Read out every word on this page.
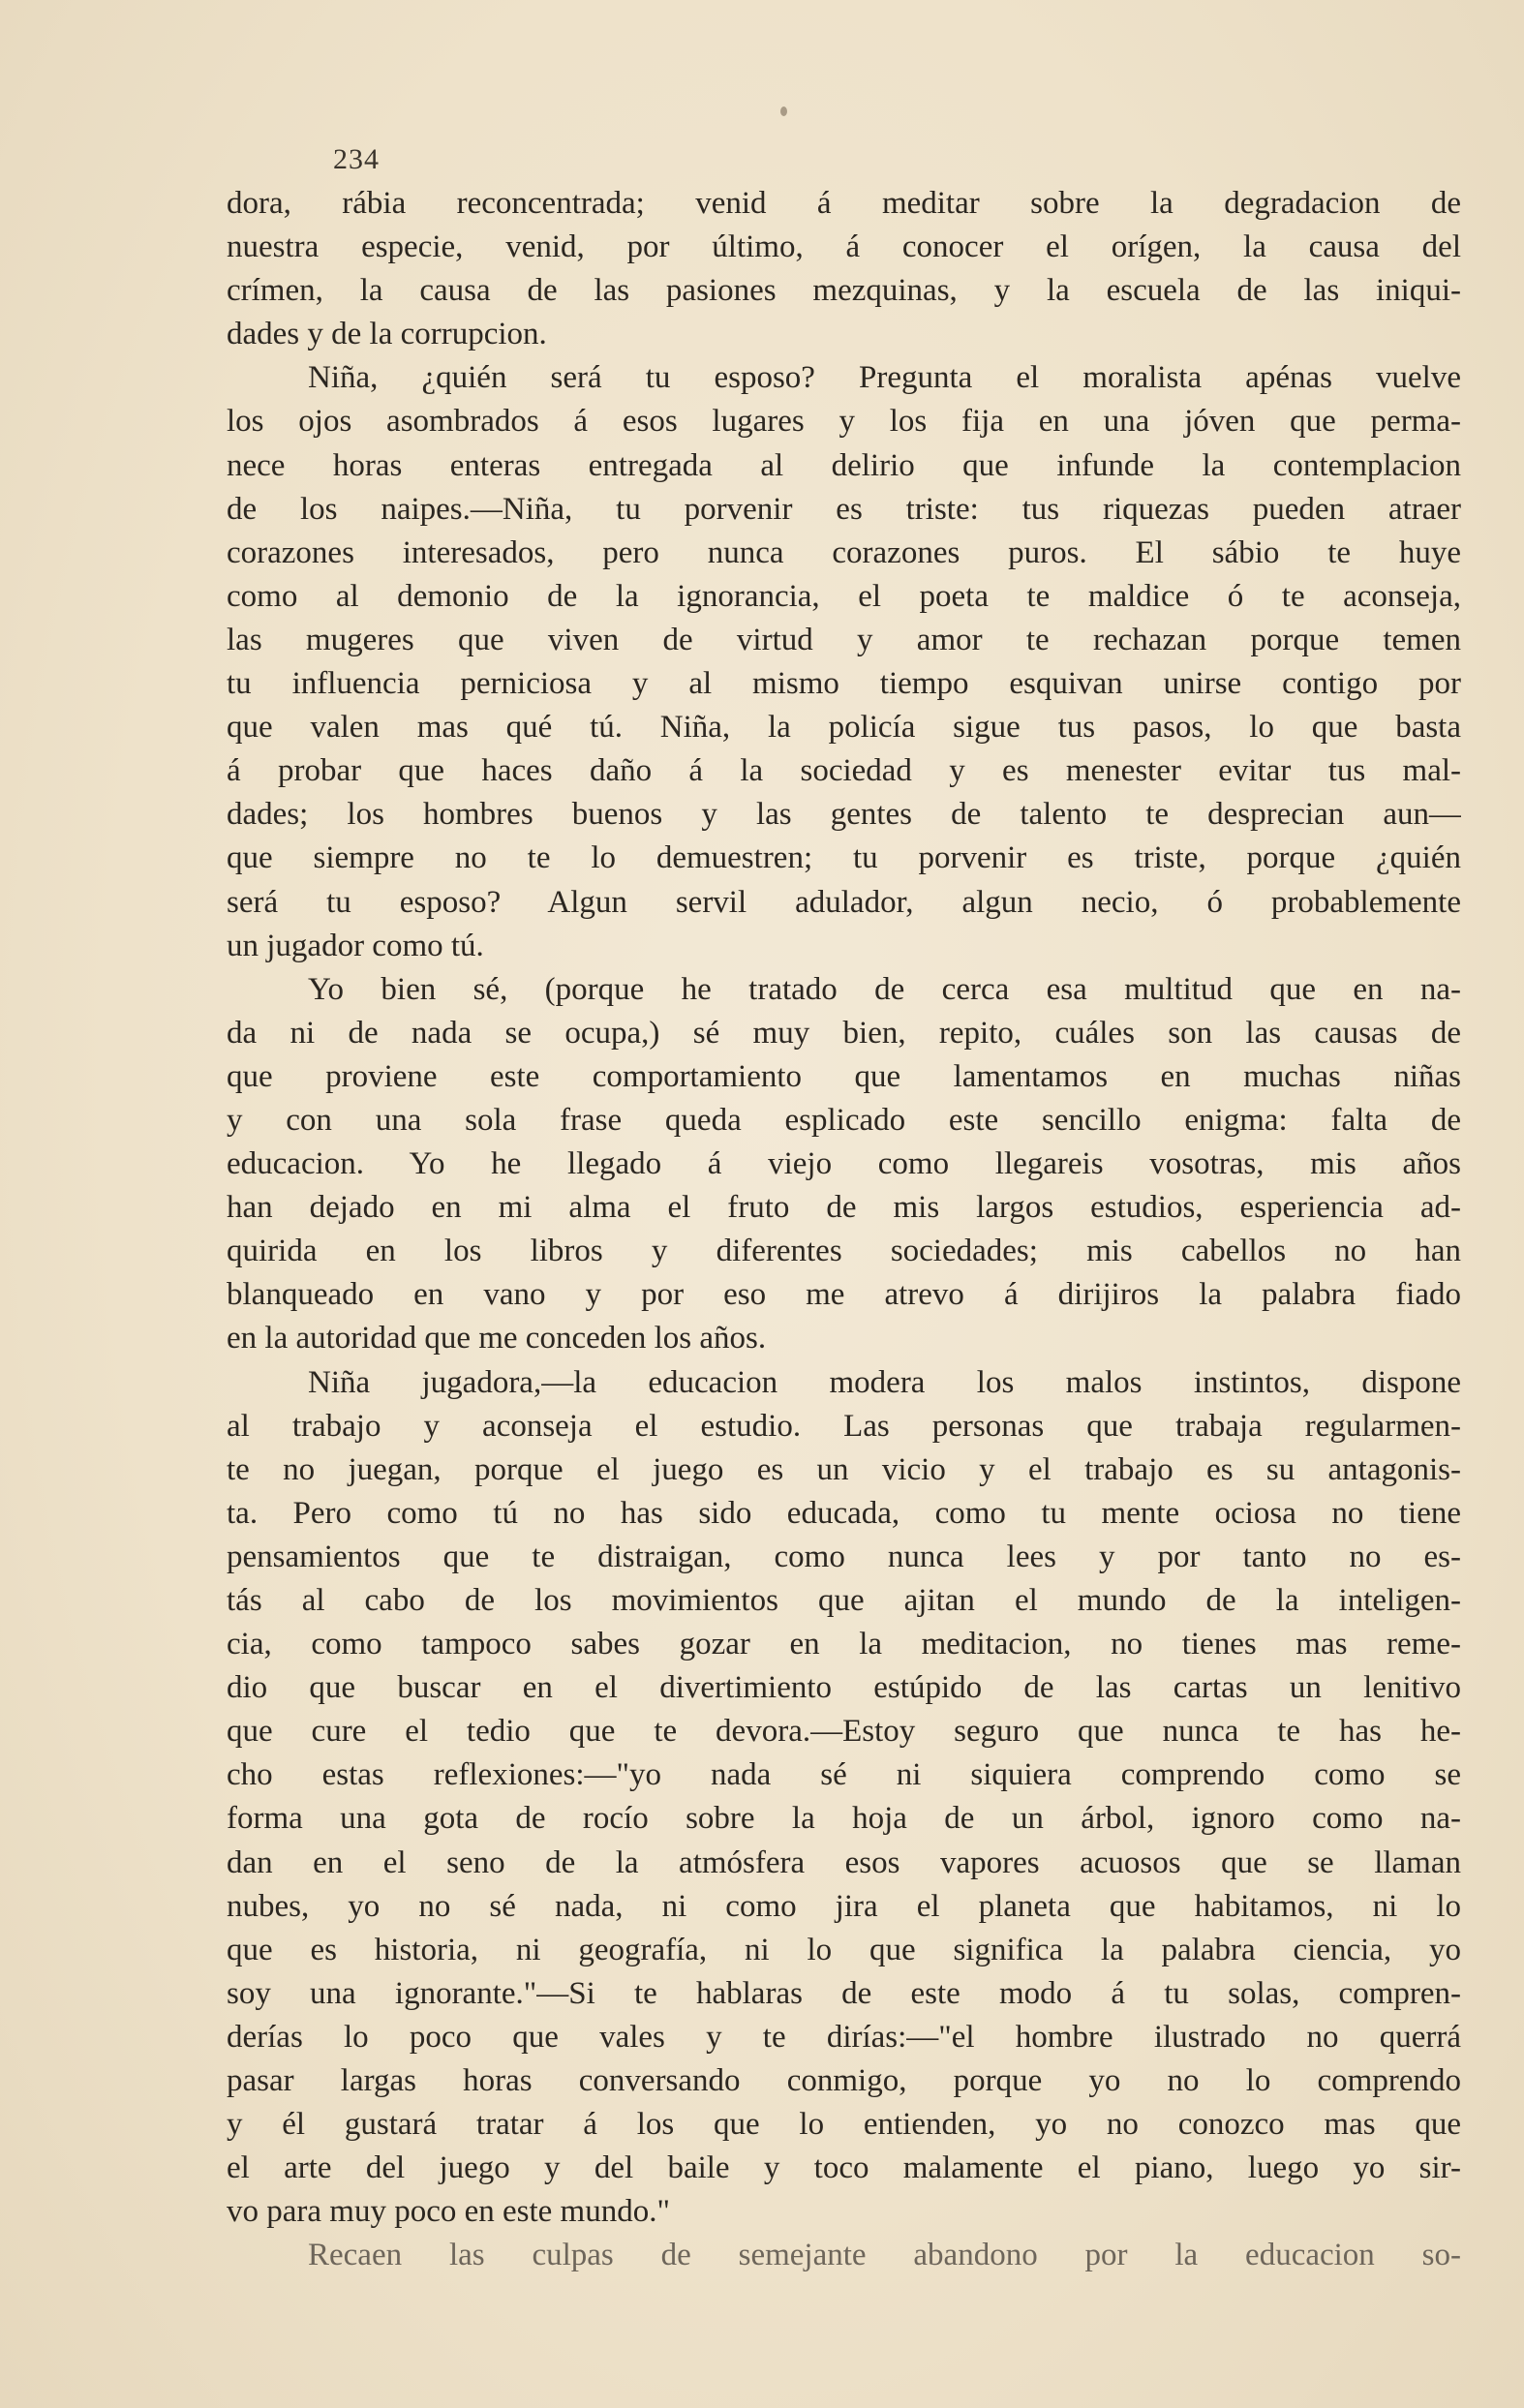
234
dora, rábia reconcentrada; venid á meditar sobre la degradacion de
nuestra especie, venid, por último, á conocer el orígen, la causa del
crímen, la causa de las pasiones mezquinas, y la escuela de las iniqui-
dades y de la corrupcion.
Niña, ¿quién será tu esposo? Pregunta el moralista apénas vuelve
los ojos asombrados á esos lugares y los fija en una jóven que perma-
nece horas enteras entregada al delirio que infunde la contemplacion
de los naipes.—Niña, tu porvenir es triste: tus riquezas pueden atraer
corazones interesados, pero nunca corazones puros. El sábio te huye
como al demonio de la ignorancia, el poeta te maldice ó te aconseja,
las mugeres que viven de virtud y amor te rechazan porque temen
tu influencia perniciosa y al mismo tiempo esquivan unirse contigo por
que valen mas qué tú. Niña, la policía sigue tus pasos, lo que basta
á probar que haces daño á la sociedad y es menester evitar tus mal-
dades; los hombres buenos y las gentes de talento te desprecian aun—
que siempre no te lo demuestren; tu porvenir es triste, porque ¿quién
será tu esposo? Algun servil adulador, algun necio, ó probablemente
un jugador como tú.
Yo bien sé, (porque he tratado de cerca esa multitud que en na-
da ni de nada se ocupa,) sé muy bien, repito, cuáles son las causas de
que proviene este comportamiento que lamentamos en muchas niñas
y con una sola frase queda esplicado este sencillo enigma: falta de
educacion. Yo he llegado á viejo como llegareis vosotras, mis años
han dejado en mi alma el fruto de mis largos estudios, esperiencia ad-
quirida en los libros y diferentes sociedades; mis cabellos no han
blanqueado en vano y por eso me atrevo á dirijiros la palabra fiado
en la autoridad que me conceden los años.
Niña jugadora,—la educacion modera los malos instintos, dispone
al trabajo y aconseja el estudio. Las personas que trabaja regularmen-
te no juegan, porque el juego es un vicio y el trabajo es su antagonis-
ta. Pero como tú no has sido educada, como tu mente ociosa no tiene
pensamientos que te distraigan, como nunca lees y por tanto no es-
tás al cabo de los movimientos que ajitan el mundo de la inteligen-
cia, como tampoco sabes gozar en la meditacion, no tienes mas reme-
dio que buscar en el divertimiento estúpido de las cartas un lenitivo
que cure el tedio que te devora.—Estoy seguro que nunca te has he-
cho estas reflexiones:—"yo nada sé ni siquiera comprendo como se
forma una gota de rocío sobre la hoja de un árbol, ignoro como na-
dan en el seno de la atmósfera esos vapores acuosos que se llaman
nubes, yo no sé nada, ni como jira el planeta que habitamos, ni lo
que es historia, ni geografía, ni lo que significa la palabra ciencia, yo
soy una ignorante."—Si te hablaras de este modo á tu solas, compren-
derías lo poco que vales y te dirías:—"el hombre ilustrado no querrá
pasar largas horas conversando conmigo, porque yo no lo comprendo
y él gustará tratar á los que lo entienden, yo no conozco mas que
el arte del juego y del baile y toco malamente el piano, luego yo sir-
vo para muy poco en este mundo."
Recaen las culpas de semejante abandono por la educacion so-
